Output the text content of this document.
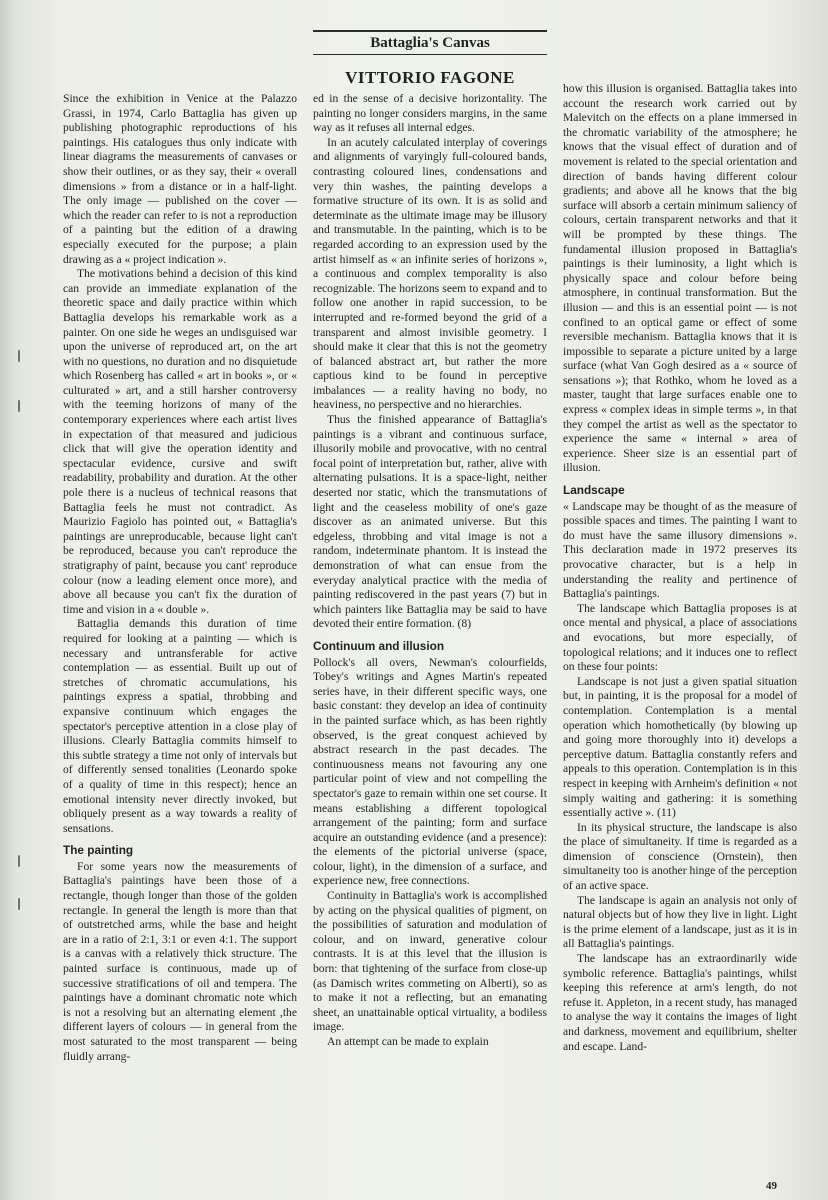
Battaglia's Canvas
VITTORIO FAGONE

Since the exhibition in Venice at the Palazzo Grassi, in 1974, Carlo Battaglia has given up publishing photographic reproductions of his paintings. His catalogues thus only indicate with linear diagrams the measurements of canvases or show their outlines, or as they say, their « overall dimensions » from a distance or in a half-light. The only image — published on the cover — which the reader can refer to is not a reproduction of a painting but the edition of a drawing especially executed for the purpose; a plain drawing as a « project indication ».

The motivations behind a decision of this kind can provide an immediate explanation of the theoretic space and daily practice within which Battaglia develops his remarkable work as a painter. On one side he weges an undisguised war upon the universe of reproduced art, on the art with no questions, no duration and no disquietude which Rosenberg has called « art in books », or « culturated » art, and a still harsher controversy with the teeming horizons of many of the contemporary experiences where each artist lives in expectation of that measured and judicious click that will give the operation identity and spectacular evidence, cursive and swift readability, probability and duration. At the other pole there is a nucleus of technical reasons that Battaglia feels he must not contradict. As Maurizio Fagiolo has pointed out, « Battaglia's paintings are unreproducable, because light can't be reproduced, because you can't reproduce the stratigraphy of paint, because you cant' reproduce colour (now a leading element once more), and above all because you can't fix the duration of time and vision in a « double ».

Battaglia demands this duration of time required for looking at a painting — which is necessary and untransferable for active contemplation — as essential. Built up out of stretches of chromatic accumulations, his paintings express a spatial, throbbing and expansive continuum which engages the spectator's perceptive attention in a close play of illusions. Clearly Battaglia commits himself to this subtle strategy a time not only of intervals but of differently sensed tonalities (Leonardo spoke of a quality of time in this respect); hence an emotional intensity never directly invoked, but obliquely present as a way towards a reality of sensations.

The painting

For some years now the measurements of Battaglia's paintings have been those of a rectangle, though longer than those of the golden rectangle. In general the length is more than that of outstretched arms, while the base and height are in a ratio of 2:1, 3:1 or even 4:1. The support is a canvas with a relatively thick structure. The painted surface is continuous, made up of successive stratifications of oil and tempera. The paintings have a dominant chromatic note which is not a resolving but an alternating element ,the different layers of colours — in general from the most saturated to the most transparent — being fluidly arrang-

ed in the sense of a decisive horizontality. The painting no longer considers margins, in the same way as it refuses all internal edges.

In an acutely calculated interplay of coverings and alignments of varyingly full-coloured bands, contrasting coloured lines, condensations and very thin washes, the painting develops a formative structure of its own. It is as solid and determinate as the ultimate image may be illusory and transmutable. In the painting, which is to be regarded according to an expression used by the artist himself as « an infinite series of horizons », a continuous and complex temporality is also recognizable. The horizons seem to expand and to follow one another in rapid succession, to be interrupted and re-formed beyond the grid of a transparent and almost invisible geometry. I should make it clear that this is not the geometry of balanced abstract art, but rather the more captious kind to be found in perceptive imbalances — a reality having no body, no heaviness, no perspective and no hierarchies.

Thus the finished appearance of Battaglia's paintings is a vibrant and continuous surface, illusorily mobile and provocative, with no central focal point of interpretation but, rather, alive with alternating pulsations. It is a space-light, neither deserted nor static, which the transmutations of light and the ceaseless mobility of one's gaze discover as an animated universe. But this edgeless, throbbing and vital image is not a random, indeterminate phantom. It is instead the demonstration of what can ensue from the everyday analytical practice with the media of painting rediscovered in the past years (7) but in which painters like Battaglia may be said to have devoted their entire formation. (8)

Continuum and illusion

Pollock's all overs, Newman's colourfields, Tobey's writings and Agnes Martin's repeated series have, in their different specific ways, one basic constant: they develop an idea of continuity in the painted surface which, as has been rightly observed, is the great conquest achieved by abstract research in the past decades. The continuousness means not favouring any one particular point of view and not compelling the spectator's gaze to remain within one set course. It means establishing a different topological arrangement of the painting; form and surface acquire an outstanding evidence (and a presence): the elements of the pictorial universe (space, colour, light), in the dimension of a surface, and experience new, free connections.

Continuity in Battaglia's work is accomplished by acting on the physical qualities of pigment, on the possibilities of saturation and modulation of colour, and on inward, generative colour contrasts. It is at this level that the illusion is born: that tightening of the surface from close-up (as Damisch writes commeting on Alberti), so as to make it not a reflecting, but an emanating sheet, an unattainable optical virtuality, a bodiless image.

An attempt can be made to explain

how this illusion is organised. Battaglia takes into account the research work carried out by Malevitch on the effects on a plane immersed in the chromatic variability of the atmosphere; he knows that the visual effect of duration and of movement is related to the special orientation and direction of bands having different colour gradients; and above all he knows that the big surface will absorb a certain minimum saliency of colours, certain transparent networks and that it will be prompted by these things. The fundamental illusion proposed in Battaglia's paintings is their luminosity, a light which is physically space and colour before being atmosphere, in continual transformation. But the illusion — and this is an essential point — is not confined to an optical game or effect of some reversible mechanism. Battaglia knows that it is impossible to separate a picture united by a large surface (what Van Gogh desired as a « source of sensations »); that Rothko, whom he loved as a master, taught that large surfaces enable one to express « complex ideas in simple terms », in that they compel the artist as well as the spectator to experience the same « internal » area of experience. Sheer size is an essential part of illusion.

Landscape

« Landscape may be thought of as the measure of possible spaces and times. The painting I want to do must have the same illusory dimensions ». This declaration made in 1972 preserves its provocative character, but is a help in understanding the reality and pertinence of Battaglia's paintings.

The landscape which Battaglia proposes is at once mental and physical, a place of associations and evocations, but more especially, of topological relations; and it induces one to reflect on these four points:

Landscape is not just a given spatial situation but, in painting, it is the proposal for a model of contemplation. Contemplation is a mental operation which homothetically (by blowing up and going more thoroughly into it) develops a perceptive datum. Battaglia constantly refers and appeals to this operation. Contemplation is in this respect in keeping with Arnheim's definition « not simply waiting and gathering: it is something essentially active ». (11)

In its physical structure, the landscape is also the place of simultaneity. If time is regarded as a dimension of conscience (Ornstein), then simultaneity too is another hinge of the perception of an active space.

The landscape is again an analysis not only of natural objects but of how they live in light. Light is the prime element of a landscape, just as it is in all Battaglia's paintings.

The landscape has an extraordinarily wide symbolic reference. Battaglia's paintings, whilst keeping this reference at arm's length, do not refuse it. Appleton, in a recent study, has managed to analyse the way it contains the images of light and darkness, movement and equilibrium, shelter and escape. Land-

49
